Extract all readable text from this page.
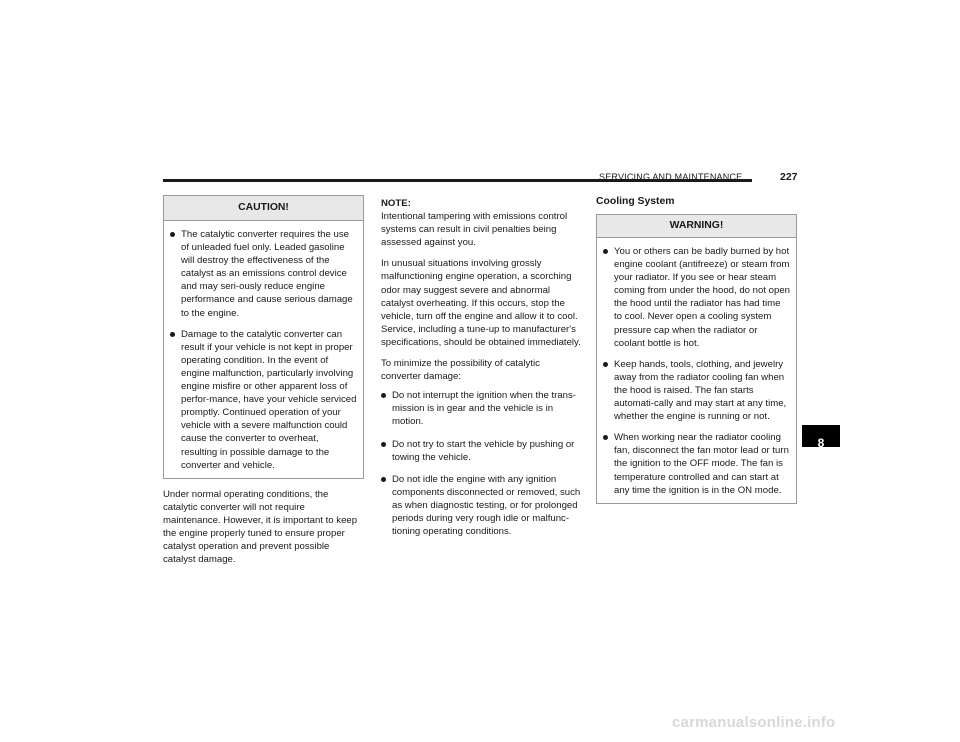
SERVICING AND MAINTENANCE	227
CAUTION!
The catalytic converter requires the use of unleaded fuel only. Leaded gasoline will destroy the effectiveness of the catalyst as an emissions control device and may seri-ously reduce engine performance and cause serious damage to the engine.
Damage to the catalytic converter can result if your vehicle is not kept in proper operating condition. In the event of engine malfunction, particularly involving engine misfire or other apparent loss of perfor-mance, have your vehicle serviced promptly. Continued operation of your vehicle with a severe malfunction could cause the converter to overheat, resulting in possible damage to the converter and vehicle.

Under normal operating conditions, the catalytic converter will not require maintenance. However, it is important to keep the engine properly tuned to ensure proper catalyst operation and prevent possible catalyst damage.

NOTE:
Intentional tampering with emissions control systems can result in civil penalties being assessed against you.

In unusual situations involving grossly malfunctioning engine operation, a scorching odor may suggest severe and abnormal catalyst overheating. If this occurs, stop the vehicle, turn off the engine and allow it to cool. Service, including a tune-up to manufacturer's specifications, should be obtained immediately.

To minimize the possibility of catalytic converter damage:

Do not interrupt the ignition when the trans-mission is in gear and the vehicle is in motion.
Do not try to start the vehicle by pushing or towing the vehicle.
Do not idle the engine with any ignition components disconnected or removed, such as when diagnostic testing, or for prolonged periods during very rough idle or malfunc-tioning operating conditions.
Cooling System
WARNING!
You or others can be badly burned by hot engine coolant (antifreeze) or steam from your radiator. If you see or hear steam coming from under the hood, do not open the hood until the radiator has had time to cool. Never open a cooling system pressure cap when the radiator or coolant bottle is hot.
Keep hands, tools, clothing, and jewelry away from the radiator cooling fan when the hood is raised. The fan starts automati-cally and may start at any time, whether the engine is running or not.
When working near the radiator cooling fan, disconnect the fan motor lead or turn the ignition to the OFF mode. The fan is temperature controlled and can start at any time the ignition is in the ON mode.
8
carmanualsonline.info
